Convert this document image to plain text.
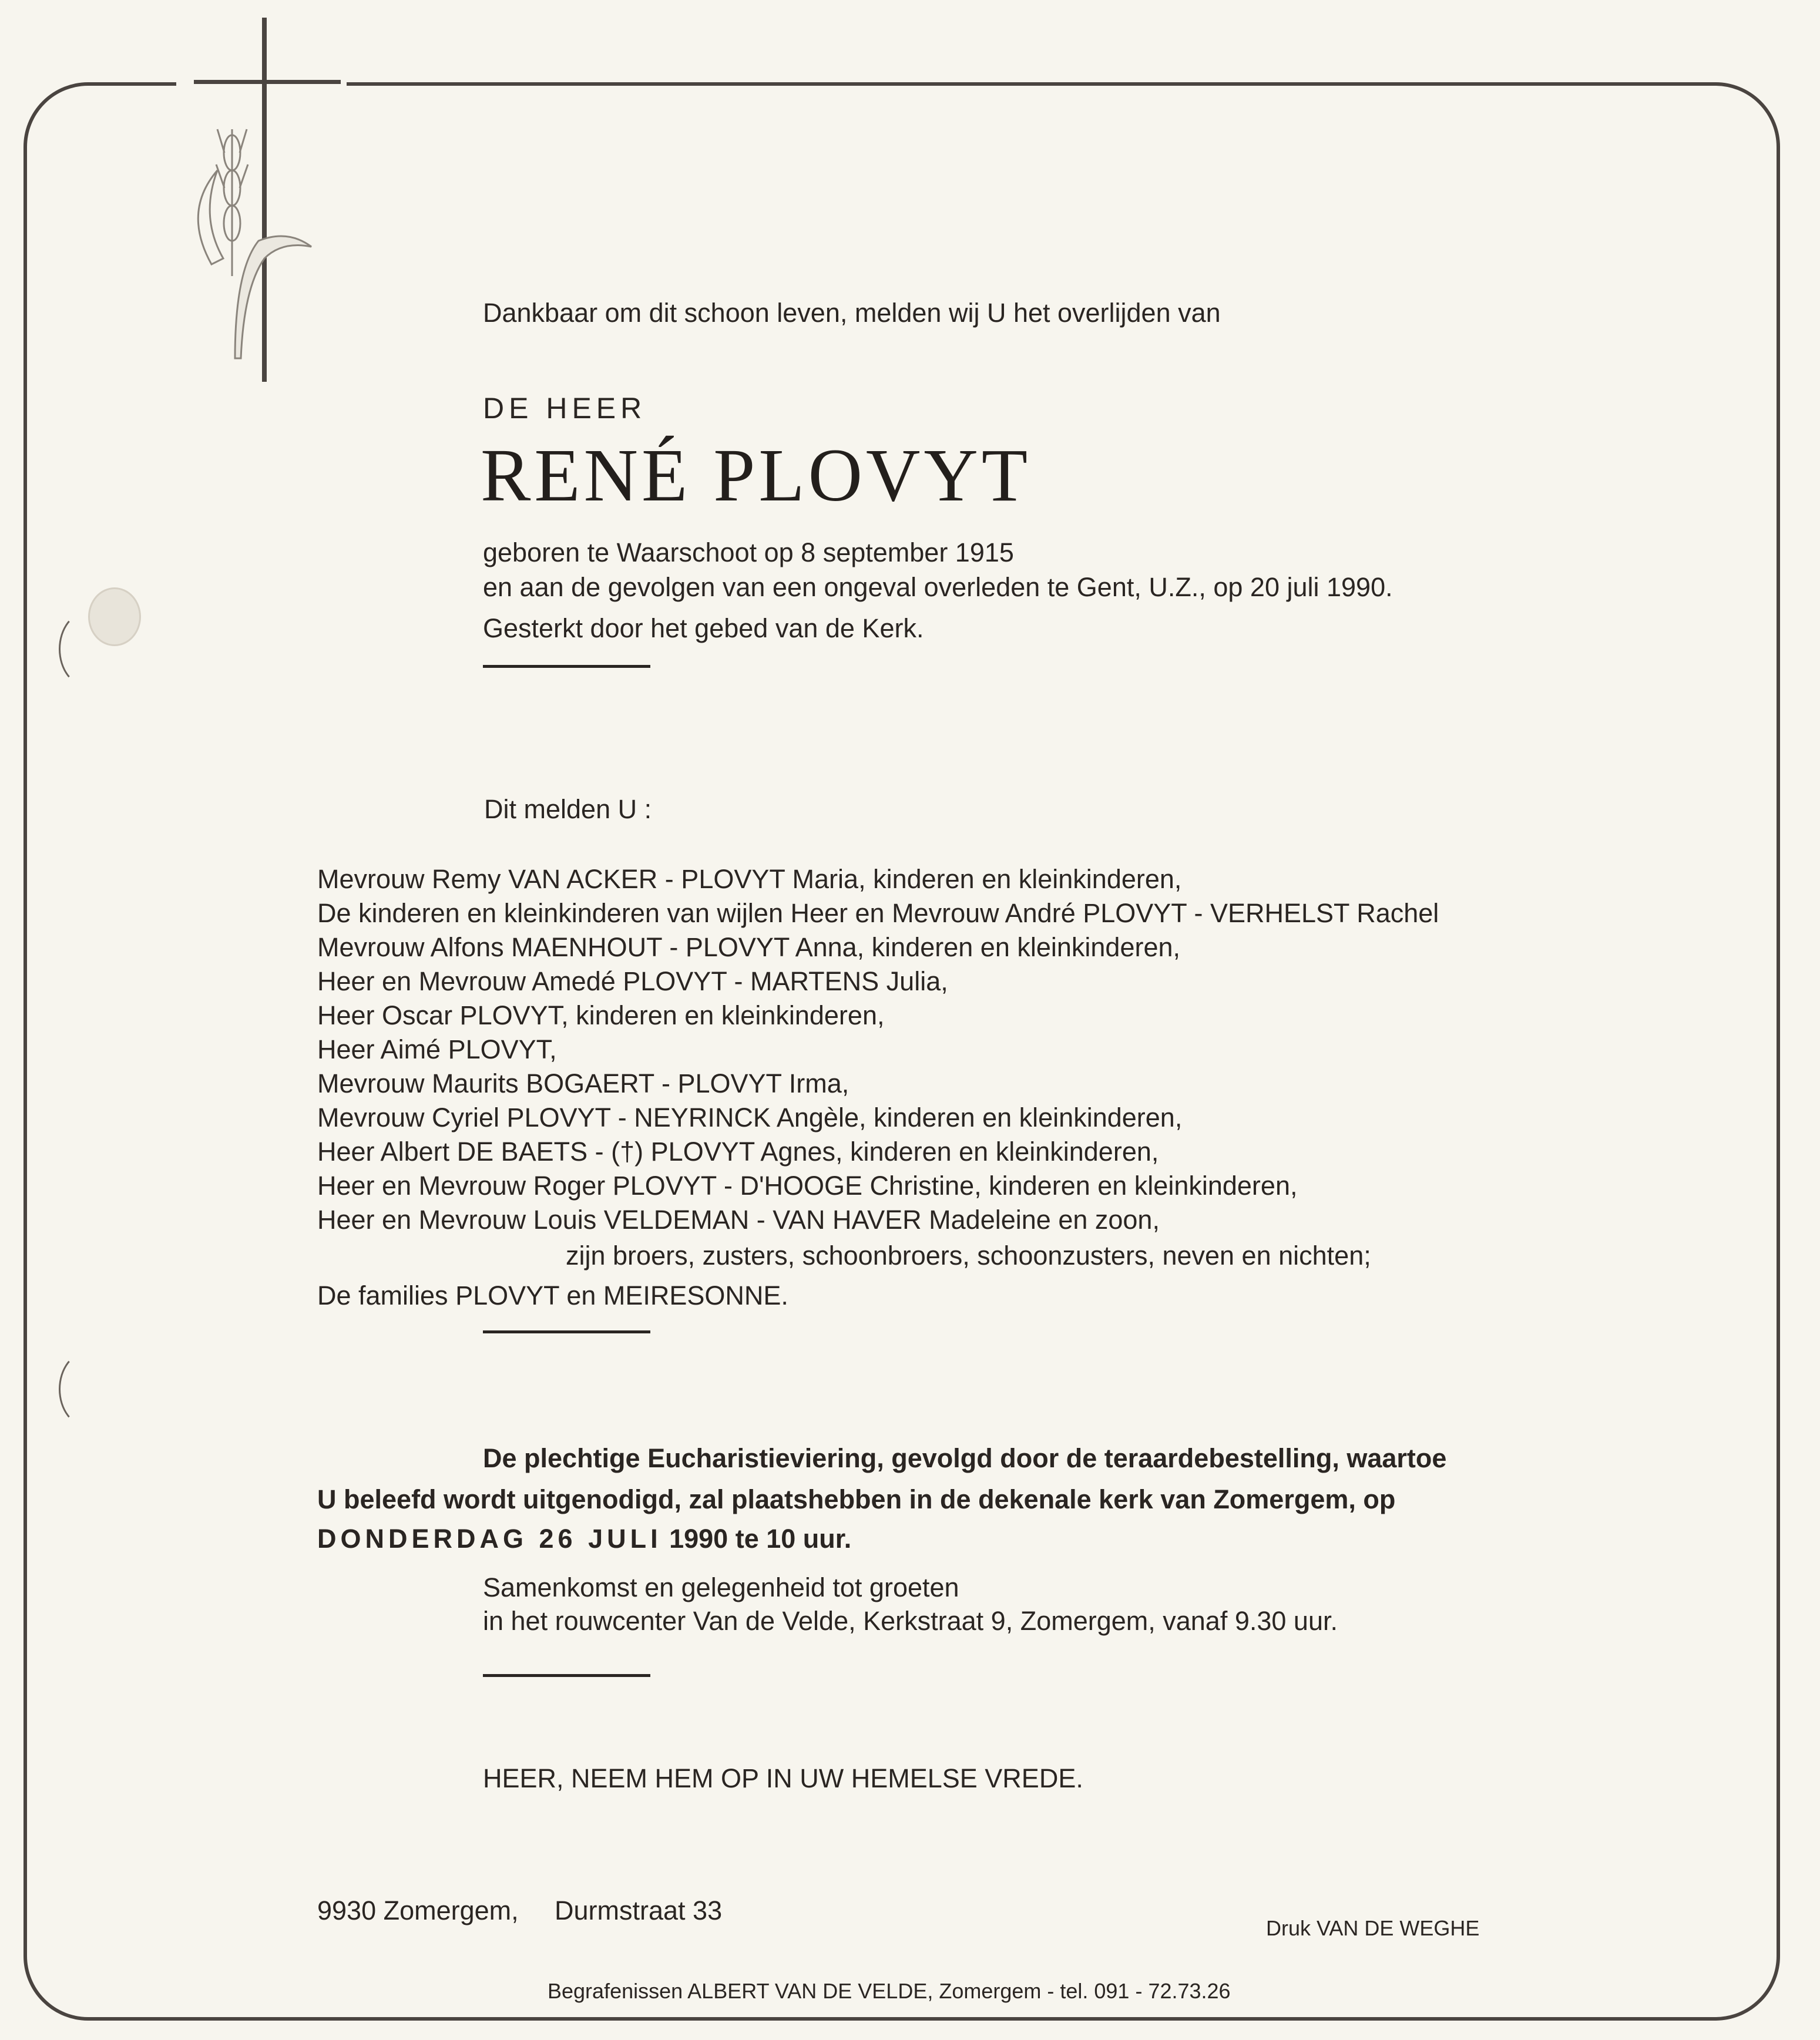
Dankbaar om dit schoon leven, melden wij U het overlijden van
DE HEER
RENÉ PLOVYT
geboren te Waarschoot op 8 september 1915
en aan de gevolgen van een ongeval overleden te Gent, U.Z., op 20 juli 1990.
Gesterkt door het gebed van de Kerk.
Dit melden U :
Mevrouw Remy VAN ACKER - PLOVYT Maria, kinderen en kleinkinderen,
De kinderen en kleinkinderen van wijlen Heer en Mevrouw André PLOVYT - VERHELST Rachel
Mevrouw Alfons MAENHOUT - PLOVYT Anna, kinderen en kleinkinderen,
Heer en Mevrouw Amedé PLOVYT - MARTENS Julia,
Heer Oscar PLOVYT, kinderen en kleinkinderen,
Heer Aimé PLOVYT,
Mevrouw Maurits BOGAERT - PLOVYT Irma,
Mevrouw Cyriel PLOVYT - NEYRINCK Angèle, kinderen en kleinkinderen,
Heer Albert DE BAETS - (†) PLOVYT Agnes, kinderen en kleinkinderen,
Heer en Mevrouw Roger PLOVYT - D'HOOGE Christine, kinderen en kleinkinderen,
Heer en Mevrouw Louis VELDEMAN - VAN HAVER Madeleine en zoon,
zijn broers, zusters, schoonbroers, schoonzusters, neven en nichten;
De families PLOVYT en MEIRESONNE.
De plechtige Eucharistieviering, gevolgd door de teraardebestelling, waartoe
U beleefd wordt uitgenodigd, zal plaatshebben in de dekenale kerk van Zomergem, op
DONDERDAG 26 JULI 1990 te 10 uur.
Samenkomst en gelegenheid tot groeten
in het rouwcenter Van de Velde, Kerkstraat 9, Zomergem, vanaf 9.30 uur.
HEER, NEEM HEM OP IN UW HEMELSE VREDE.
9930 Zomergem, Durmstraat 33
Druk VAN DE WEGHE
Begrafenissen ALBERT VAN DE VELDE, Zomergem - tel. 091 - 72.73.26
